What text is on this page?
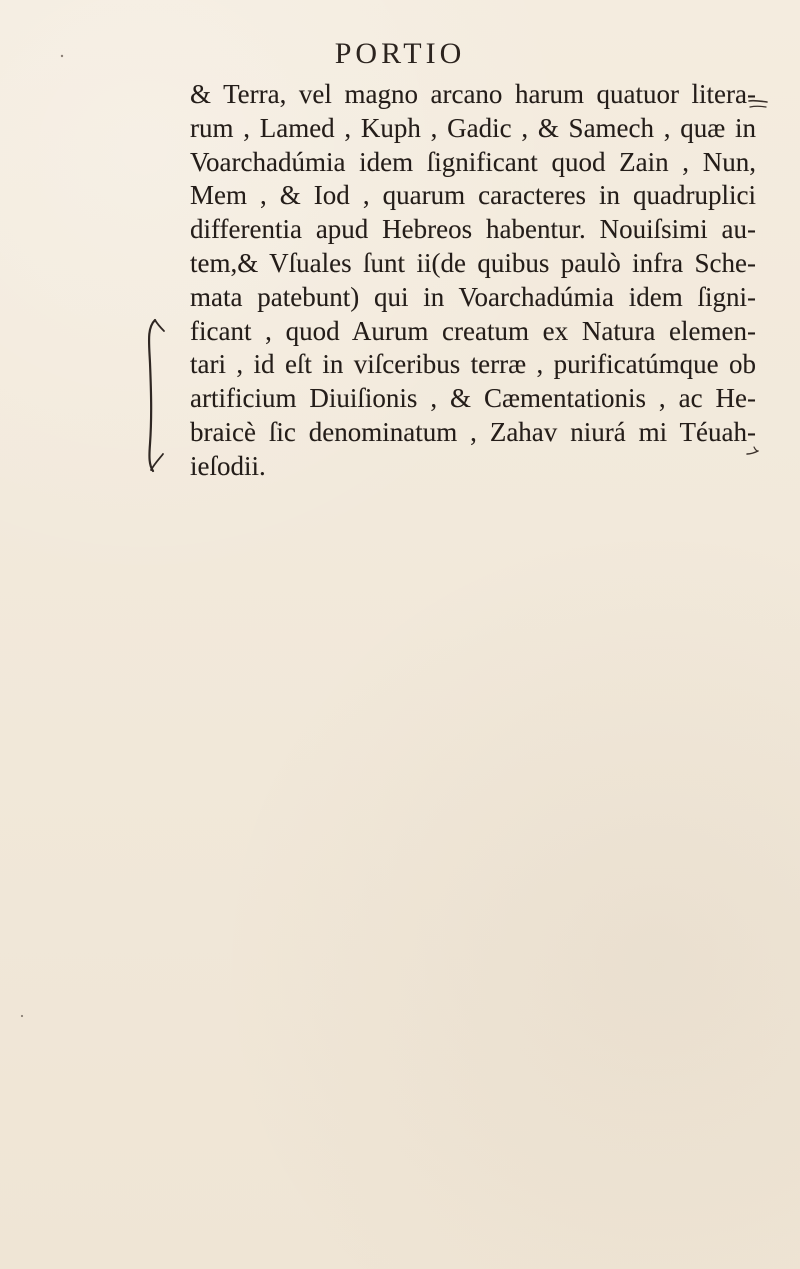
PORTIO
& Terra, vel magno arcano harum quatuor litera-
rum , Lamed , Kuph , Gadic , & Samech , quæ in
Voarchadúmia idem ſignificant quod Zain , Nun,
Mem , & Iod , quarum caracteres in quadruplici
differentia apud Hebreos habentur. Nouiſsimi au-
tem,& Vſuales ſunt ii(de quibus paulò infra Sche-
mata patebunt) qui in Voarchadúmia idem ſigni-
ficant , quod Aurum creatum ex Natura elemen-
tari , id eſt in viſceribus terræ , purificatúmque ob
artificium Diuiſionis , & Cæmentationis , ac He-
braicè ſic denominatum , Zahav niurá mi Téuah-
ieſodii.
